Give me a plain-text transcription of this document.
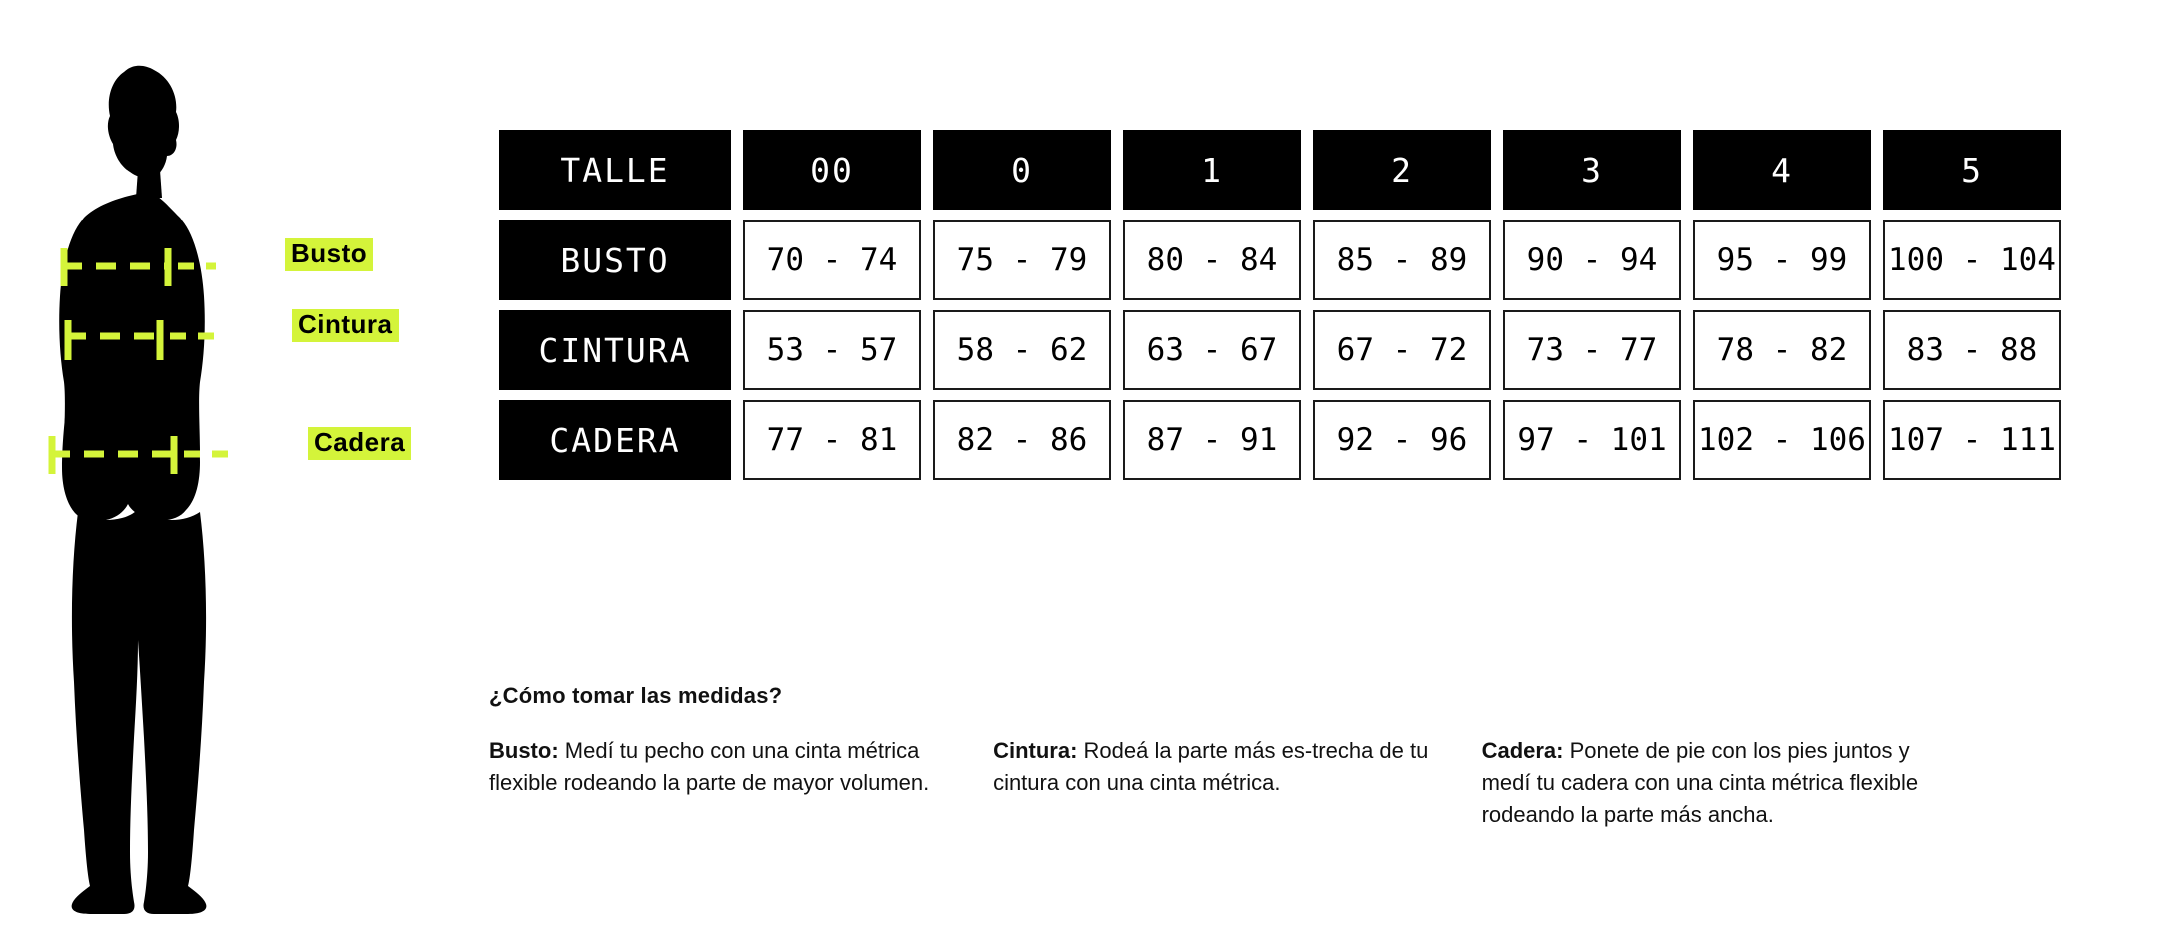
Busto
Cintura
Cadera
TALLE	00	0	1	2	3	4	5

BUSTO	70 - 74	75 - 79	80 - 84	85 - 89	90 - 94	95 - 99	100 - 104

CINTURA	53 - 57	58 - 62	63 - 67	67 - 72	73 - 77	78 - 82	83 - 88

CADERA	77 - 81	82 - 86	87 - 91	92 - 96	97 - 101	102 - 106	107 - 111
¿Cómo tomar las medidas?
Busto: Medí tu pecho con una cinta métrica flexible rodeando la parte de mayor volumen.
Cintura: Rodeá la parte más es-trecha de tu cintura con una cinta métrica.
Cadera: Ponete de pie con los pies juntos y medí tu cadera con una cinta métrica flexible rodeando la parte más ancha.
